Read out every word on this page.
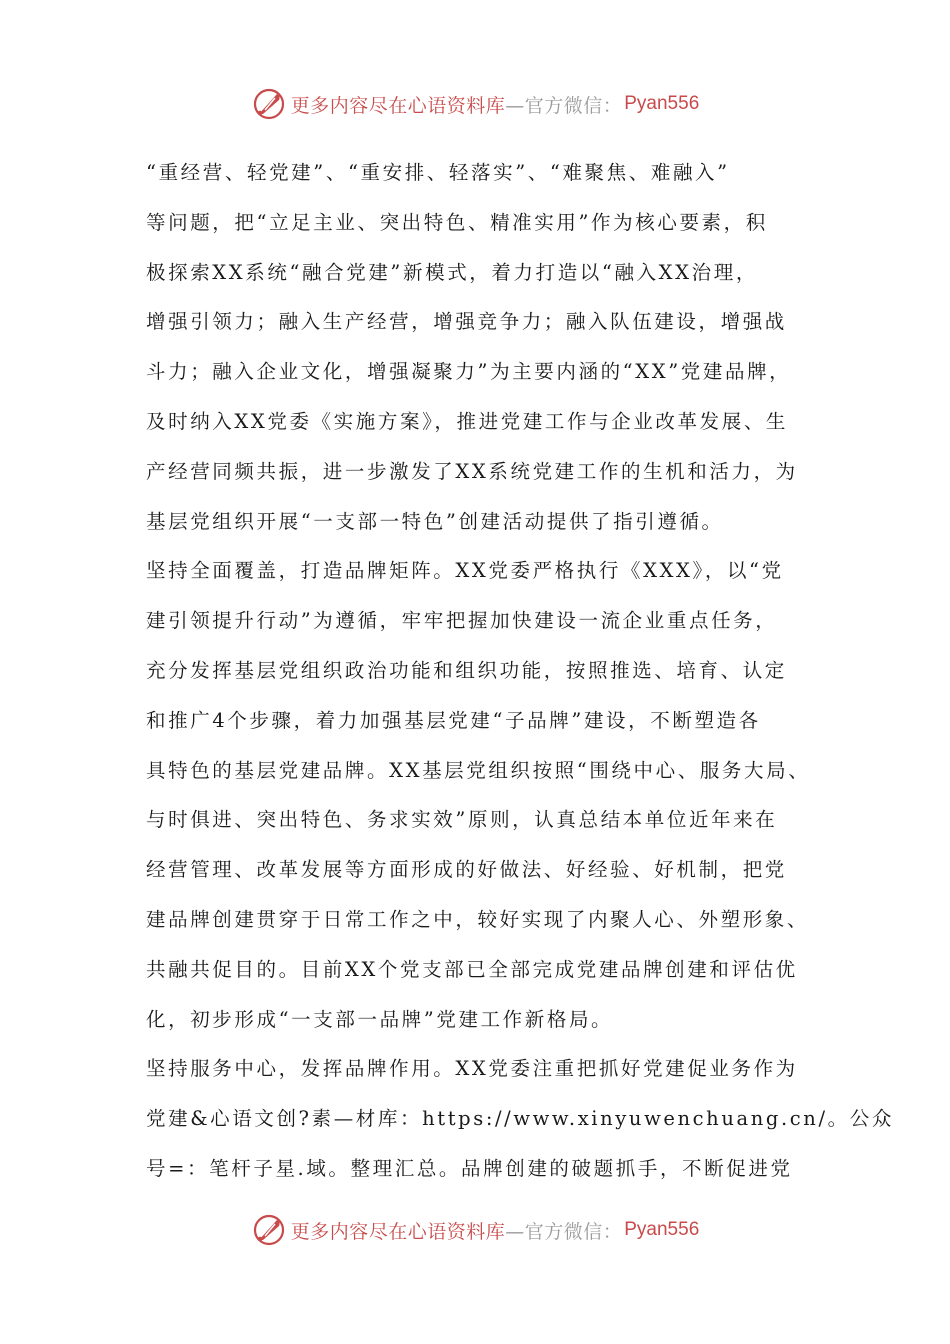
更多内容尽在心语资料库 —官方微信： Pyan556
“重经营、轻党建”、“重安排、轻落实”、“难聚焦、难融入”
等问题，把“立足主业、突出特色、精准实用”作为核心要素，积
极探索XX系统“融合党建”新模式，着力打造以“融入XX治理，
增强引领力；融入生产经营，增强竞争力；融入队伍建设，增强战
斗力；融入企业文化，增强凝聚力”为主要内涵的“XX”党建品牌，
及时纳入XX党委《实施方案》，推进党建工作与企业改革发展、生
产经营同频共振，进一步激发了XX系统党建工作的生机和活力，为
基层党组织开展“一支部一特色”创建活动提供了指引遵循。
坚持全面覆盖，打造品牌矩阵。XX党委严格执行《XXX》，以“党
建引领提升行动”为遵循，牢牢把握加快建设一流企业重点任务，
充分发挥基层党组织政治功能和组织功能，按照推选、培育、认定
和推广4个步骤，着力加强基层党建“子品牌”建设，不断塑造各
具特色的基层党建品牌。XX基层党组织按照“围绕中心、服务大局、
与时俱进、突出特色、务求实效”原则，认真总结本单位近年来在
经营管理、改革发展等方面形成的好做法、好经验、好机制，把党
建品牌创建贯穿于日常工作之中，较好实现了内聚人心、外塑形象、
共融共促目的。目前XX个党支部已全部完成党建品牌创建和评估优
化，初步形成“一支部一品牌”党建工作新格局。
坚持服务中心，发挥品牌作用。XX党委注重把抓好党建促业务作为
党建&心语文创?素—材库：https://www.xinyuwenchuang.cn/。公众
号=：笔杆子星.域。整理汇总。品牌创建的破题抓手，不断促进党
更多内容尽在心语资料库 —官方微信： Pyan556
